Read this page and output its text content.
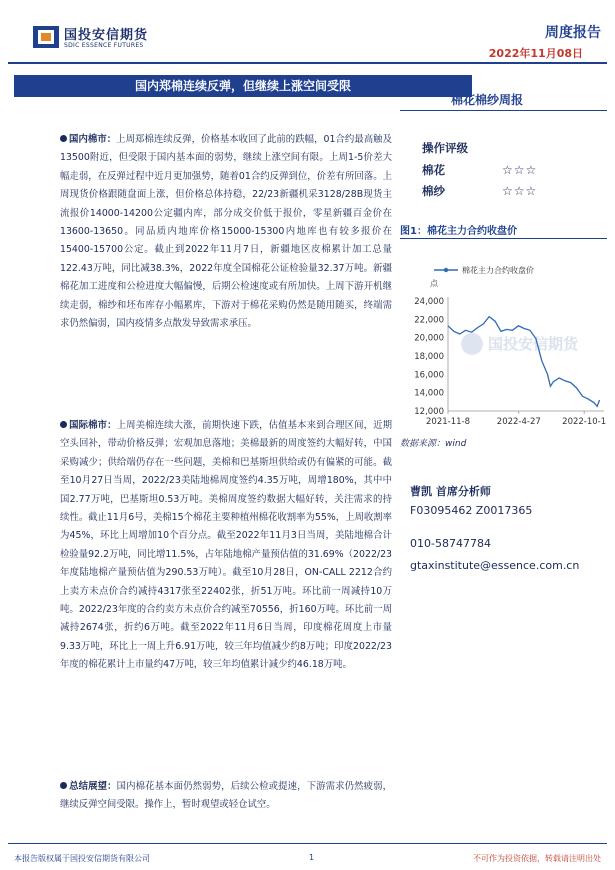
国投安信期货
SDIC ESSENCE FUTURES
周度报告
2022年11月08日
国内郑棉连续反弹，但继续上涨空间受限
棉花棉纱周报
国内棉市：上周郑棉连续反弹，价格基本收回了此前的跌幅，01合约最高触及13500附近，但受限于国内基本面的弱势，继续上涨空间有限。上周1-5价差大幅走弱，在反弹过程中近月更加强势，随着01合约反弹到位，价差有所回落。上周现货价格跟随盘面上涨，但价格总体持稳，22/23新疆机采3128/28B现货主流报价14000-14200公定疆内库，部分成交价低于报价，零星新疆百金价在13600-13650。同品质内地库价格15000-15300内地库也有较多报价在15400-15700公定。截止到2022年11月7日，新疆地区皮棉累计加工总量122.43万吨，同比减38.3%，2022年度全国棉花公证检验量32.37万吨。新疆棉花加工进度和公检进度大幅偏慢，后期公检速度或有所加快。上周下游开机继续走弱，棉纱和坯布库存小幅累库，下游对于棉花采购仍然是随用随买，终端需求仍然偏弱，国内疫情多点散发导致需求承压。
国际棉市：上周美棉连续大涨，前期快速下跌，估值基本来到合理区间，近期空头回补，带动价格反弹；宏观加息落地；美棉最新的周度签约大幅好转，中国采购减少；供给端仍存在一些问题，美棉和巴基斯坦供给或仍有偏紧的可能。截至10月27日当周，2022/23美陆地棉周度签约4.35万吨，周增180%，其中中国2.77万吨，巴基斯坦0.53万吨。美棉周度签约数据大幅好转，关注需求的持续性。截止11月6号，美棉15个棉花主要种植州棉花收割率为55%，上周收割率为45%，环比上周增加10个百分点。截至2022年11月3日当周，美陆地棉合计检验量92.2万吨，同比增11.5%，占年陆地棉产量预估值的31.69%（2022/23年度陆地棉产量预估值为290.53万吨）。截至10月28日，ON-CALL 2212合约上卖方未点价合约减持4317张至22402张，折51万吨。环比前一周减持10万吨。2022/23年度的合约卖方未点价合约减至70556，折160万吨。环比前一周减持2674张，折约6万吨。截至2022年11月6日当周，印度棉花周度上市量9.33万吨，环比上一周上升6.91万吨，较三年均值减少约8万吨；印度2022/23年度的棉花累计上市量约47万吨，较三年均值累计减少约46.18万吨。
总结展望：国内棉花基本面仍然弱势，后续公检或提速，下游需求仍然疲弱，继续反弹空间受限。操作上，暂时观望或轻仓试空。
操作评级
棉花	☆☆☆
棉纱	☆☆☆
图1：棉花主力合约收盘价
国投安信期货
棉花主力合约收盘价
点
12,000
14,000
16,000
18,000
20,000
22,000
24,000
2021-11-8	2022-4-27	2022-10-1
数据来源：wind
曹凯 首席分析师
F03095462 Z0017365
010-58747784
gtaxinstitute@essence.com.cn
本报告版权属于国投安信期货有限公司	1	不可作为投资依据，转载请注明出处
